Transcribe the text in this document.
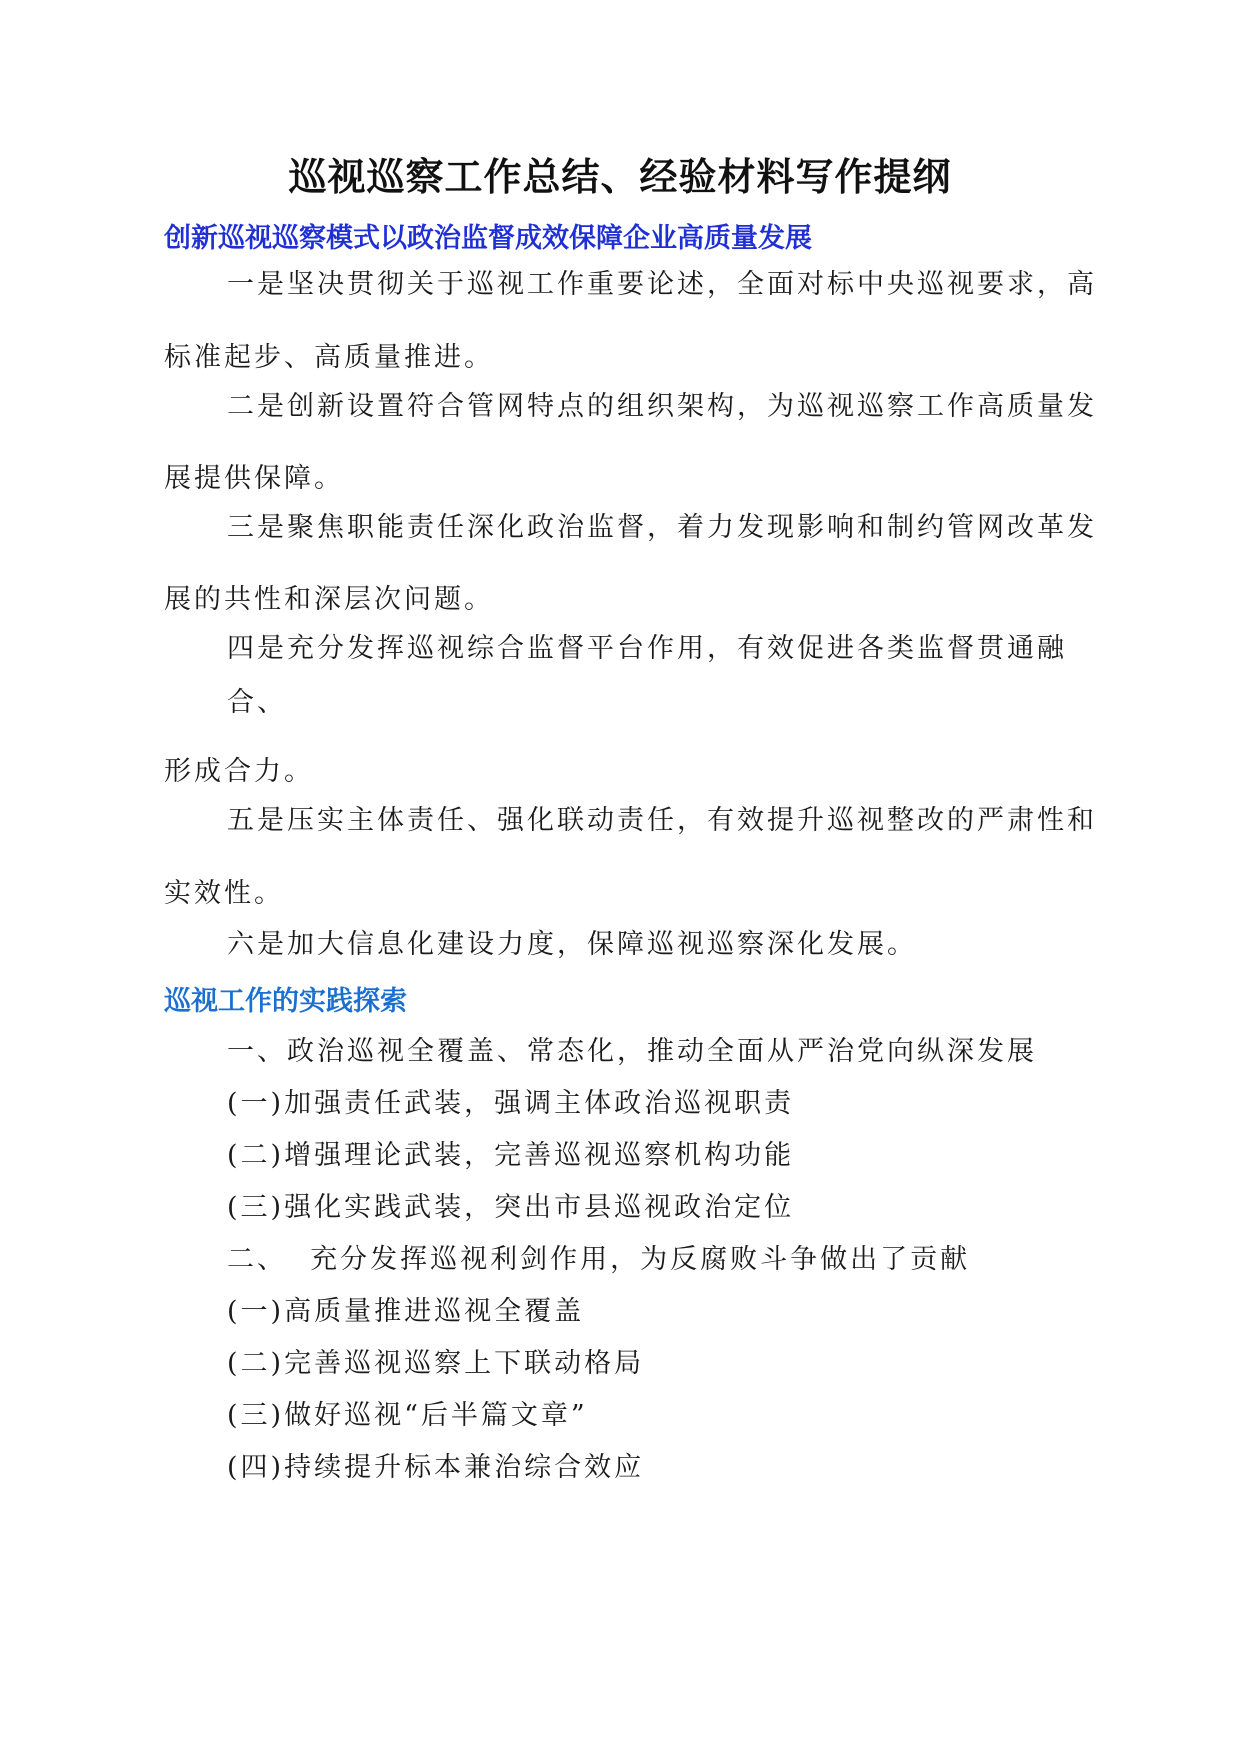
巡视巡察工作总结、经验材料写作提纲
创新巡视巡察模式以政治监督成效保障企业高质量发展
一是坚决贯彻关于巡视工作重要论述，全面对标中央巡视要求，高
标准起步、高质量推进。
二是创新设置符合管网特点的组织架构，为巡视巡察工作高质量发
展提供保障。
三是聚焦职能责任深化政治监督，着力发现影响和制约管网改革发
展的共性和深层次问题。
四是充分发挥巡视综合监督平台作用，有效促进各类监督贯通融
合、
形成合力。
五是压实主体责任、强化联动责任，有效提升巡视整改的严肃性和
实效性。
六是加大信息化建设力度，保障巡视巡察深化发展。
巡视工作的实践探索
一、政治巡视全覆盖、常态化，推动全面从严治党向纵深发展
(一)加强责任武装，强调主体政治巡视职责
(二)增强理论武装，完善巡视巡察机构功能
(三)强化实践武装，突出市县巡视政治定位
二、  充分发挥巡视利剑作用，为反腐败斗争做出了贡献
(一)高质量推进巡视全覆盖
(二)完善巡视巡察上下联动格局
(三)做好巡视“后半篇文章”
(四)持续提升标本兼治综合效应
